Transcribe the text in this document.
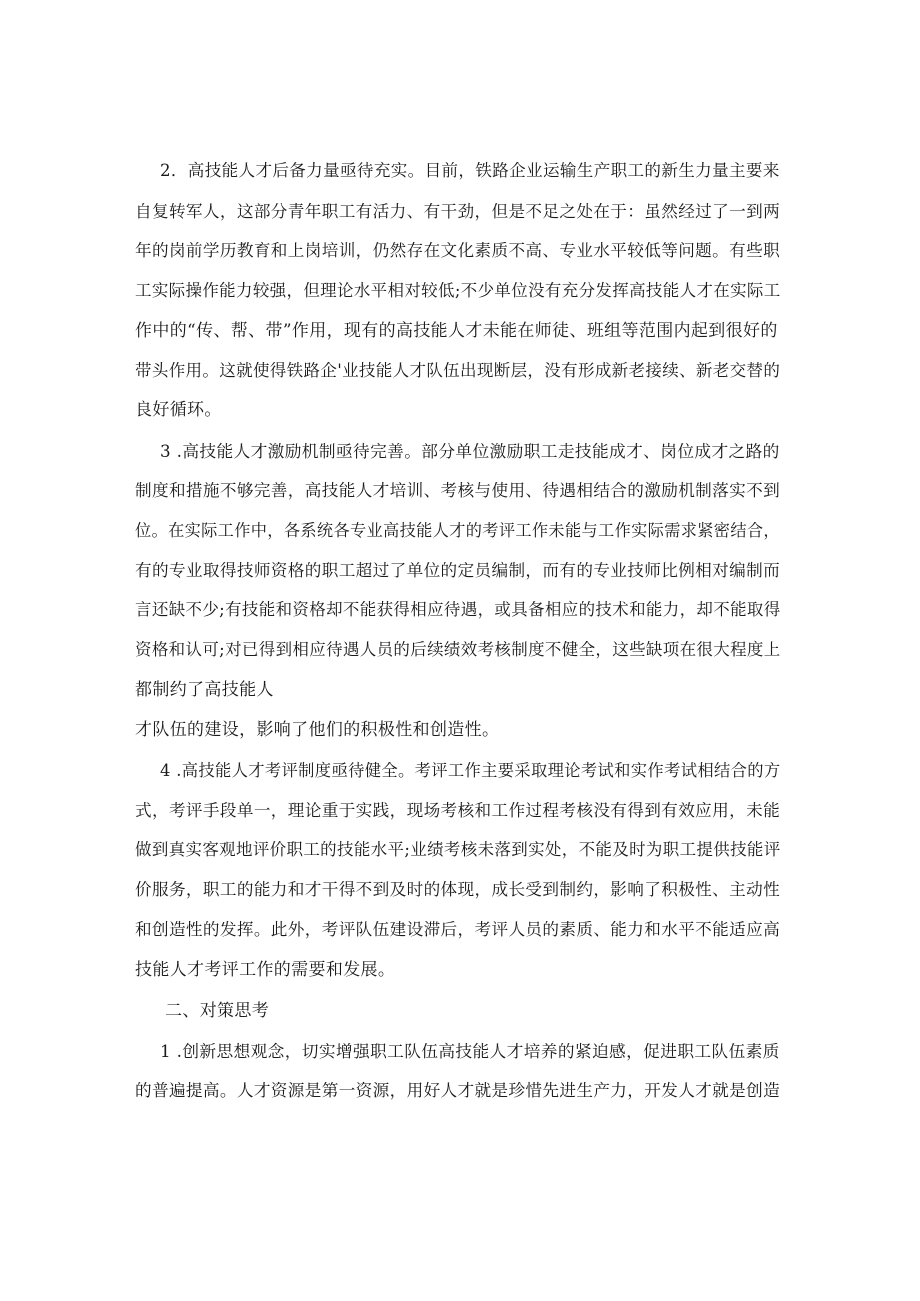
2．高技能人才后备力量亟待充实。目前，铁路企业运输生产职工的新生力量主要来
自复转军人，这部分青年职工有活力、有干劲，但是不足之处在于：虽然经过了一到两
年的岗前学历教育和上岗培训，仍然存在文化素质不高、专业水平较低等问题。有些职
工实际操作能力较强，但理论水平相对较低;不少单位没有充分发挥高技能人才在实际工
作中的“传、帮、带”作用，现有的高技能人才未能在师徒、班组等范围内起到很好的
带头作用。这就使得铁路企'业技能人才队伍出现断层，没有形成新老接续、新老交替的
良好循环。
3 .高技能人才激励机制亟待完善。部分单位激励职工走技能成才、岗位成才之路的
制度和措施不够完善，高技能人才培训、考核与使用、待遇相结合的激励机制落实不到
位。在实际工作中，各系统各专业高技能人才的考评工作未能与工作实际需求紧密结合，
有的专业取得技师资格的职工超过了单位的定员编制，而有的专业技师比例相对编制而
言还缺不少;有技能和资格却不能获得相应待遇，或具备相应的技术和能力，却不能取得
资格和认可;对已得到相应待遇人员的后续绩效考核制度不健全，这些缺项在很大程度上
都制约了高技能人
才队伍的建设，影响了他们的积极性和创造性。
4 .高技能人才考评制度亟待健全。考评工作主要采取理论考试和实作考试相结合的方
式，考评手段单一，理论重于实践，现场考核和工作过程考核没有得到有效应用，未能
做到真实客观地评价职工的技能水平;业绩考核未落到实处，不能及时为职工提供技能评
价服务，职工的能力和才干得不到及时的体现，成长受到制约，影响了积极性、主动性
和创造性的发挥。此外，考评队伍建设滞后，考评人员的素质、能力和水平不能适应高
技能人才考评工作的需要和发展。
二、对策思考
1 .创新思想观念，切实增强职工队伍高技能人才培养的紧迫感，促进职工队伍素质
的普遍提高。人才资源是第一资源，用好人才就是珍惜先进生产力，开发人才就是创造
